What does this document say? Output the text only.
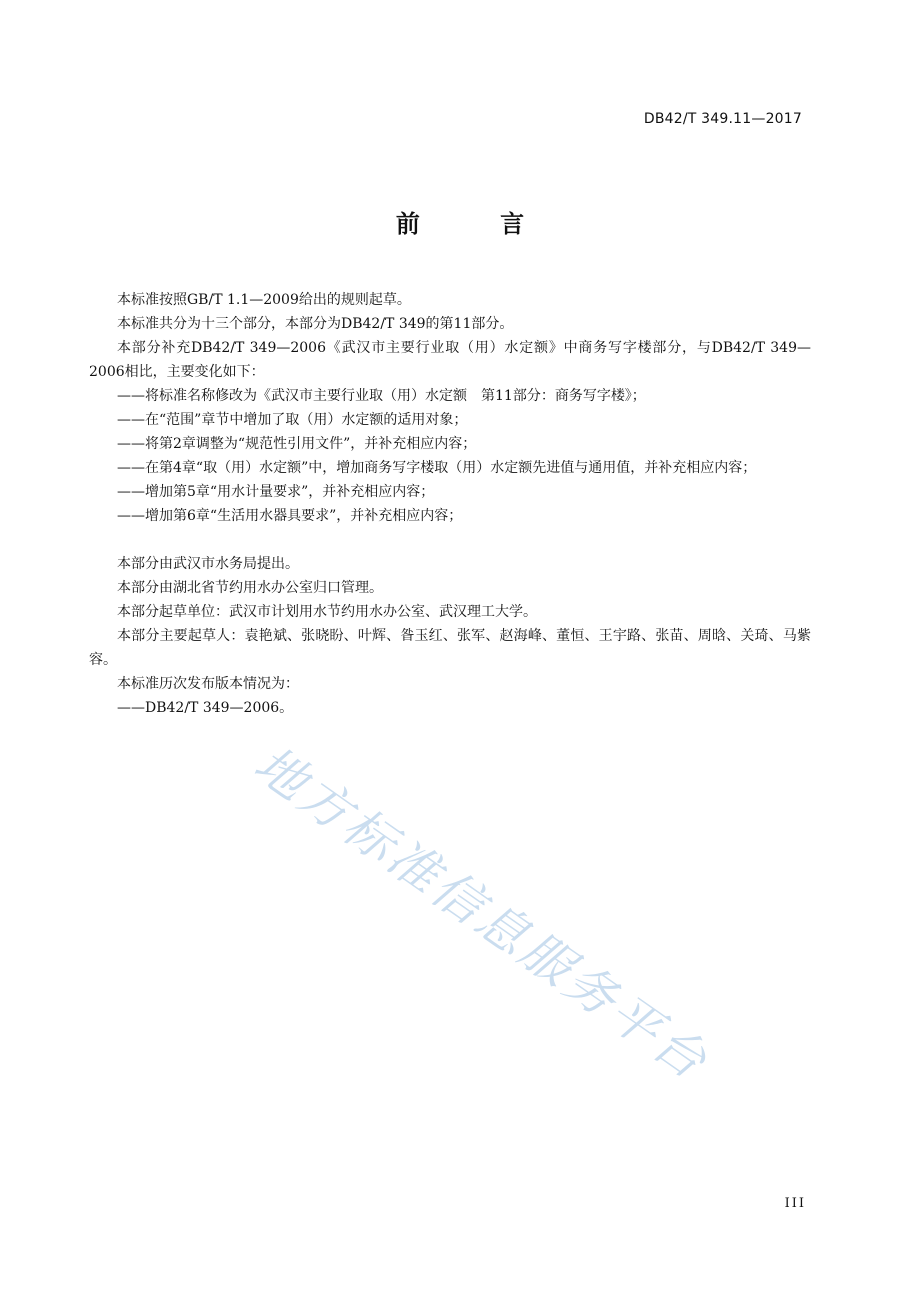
DB42/T 349.11—2017
前 言

本标准按照GB/T 1.1—2009给出的规则起草。

本标准共分为十三个部分，本部分为DB42/T 349的第11部分。

本部分补充DB42/T 349—2006《武汉市主要行业取（用）水定额》中商务写字楼部分，与DB42/T 349—2006相比，主要变化如下：

——将标准名称修改为《武汉市主要行业取（用）水定额　第11部分：商务写字楼》；

——在“范围”章节中增加了取（用）水定额的适用对象；

——将第2章调整为“规范性引用文件”，并补充相应内容；

——在第4章“取（用）水定额”中，增加商务写字楼取（用）水定额先进值与通用值，并补充相应内容；

——增加第5章“用水计量要求”，并补充相应内容；

——增加第6章“生活用水器具要求”，并补充相应内容；

本部分由武汉市水务局提出。

本部分由湖北省节约用水办公室归口管理。

本部分起草单位：武汉市计划用水节约用水办公室、武汉理工大学。

本部分主要起草人：袁艳斌、张晓盼、叶辉、昝玉红、张军、赵海峰、董恒、王宇路、张苗、周晗、关琦、马紫容。

本标准历次发布版本情况为：

——DB42/T 349—2006。

地方标准信息服务平台
III
